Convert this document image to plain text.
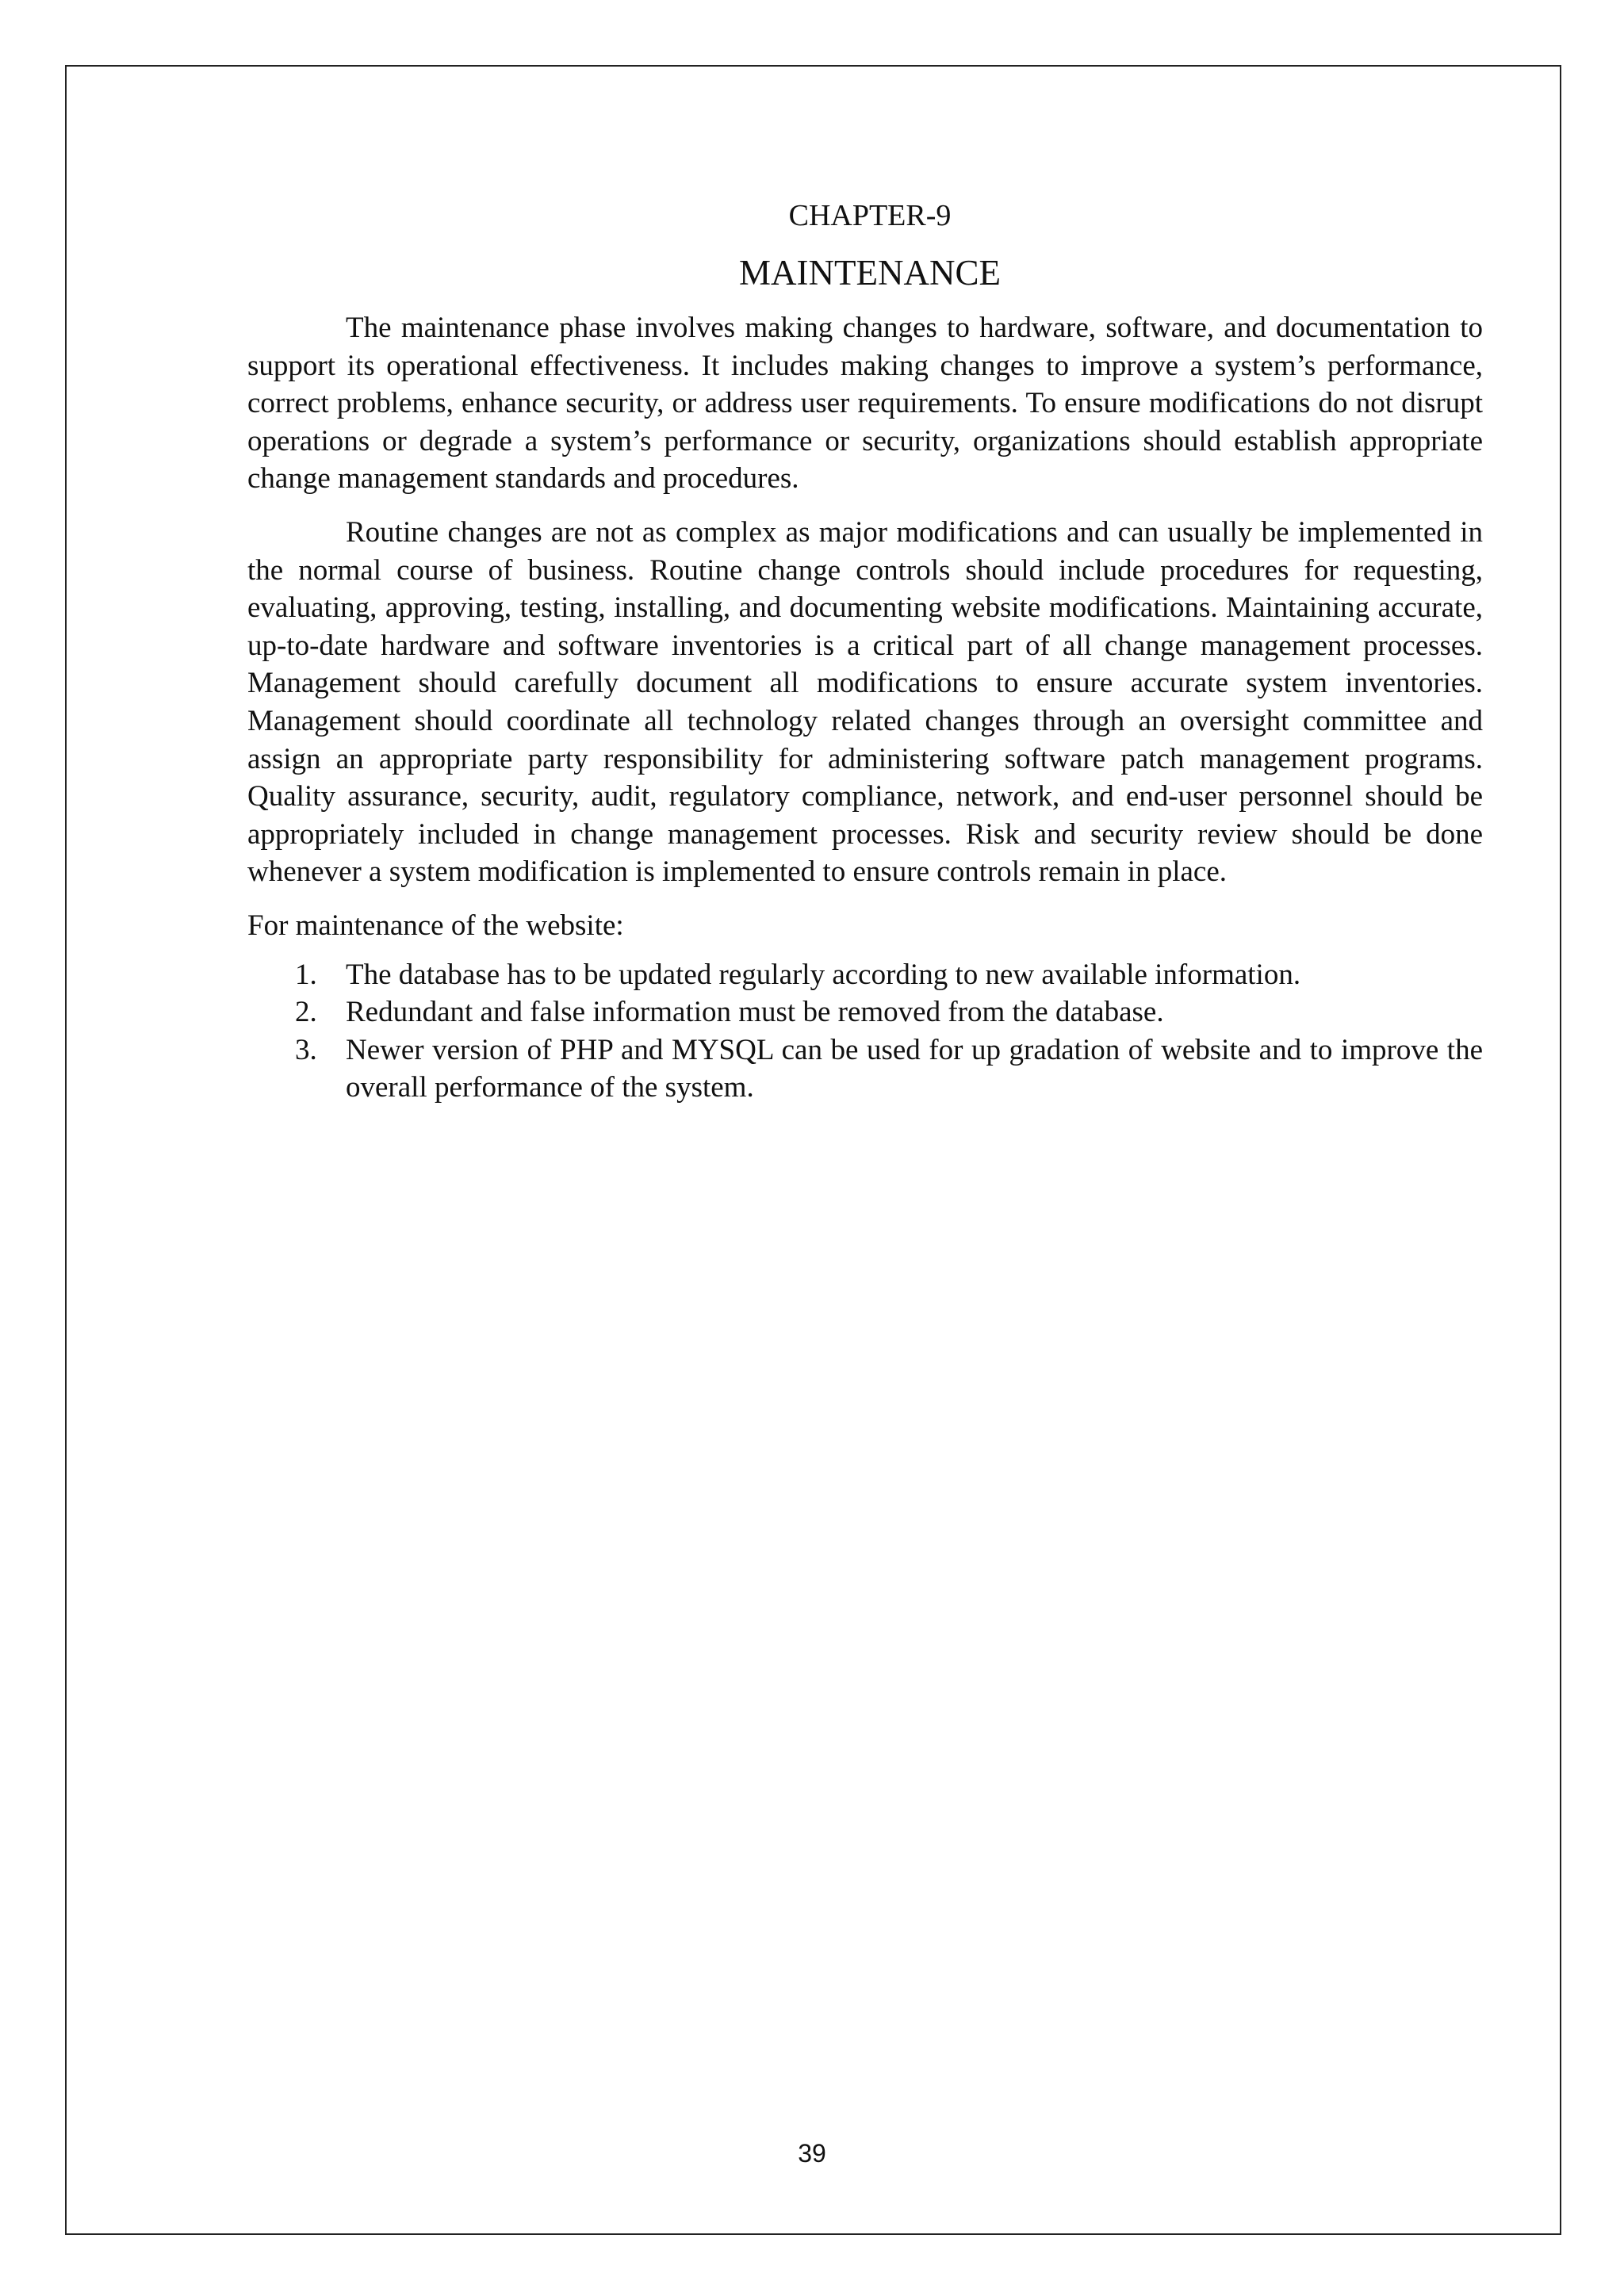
CHAPTER-9
MAINTENANCE

The maintenance phase involves making changes to hardware, software, and documentation to support its operational effectiveness. It includes making changes to improve a system’s performance, correct problems, enhance security, or address user requirements. To ensure modifications do not disrupt operations or degrade a system’s performance or security, organizations should establish appropriate change management standards and procedures.

Routine changes are not as complex as major modifications and can usually be implemented in the normal course of business. Routine change controls should include procedures for requesting, evaluating, approving, testing, installing, and documenting website modifications. Maintaining accurate, up-to-date hardware and software inventories is a critical part of all change management processes. Management should carefully document all modifications to ensure accurate system inventories. Management should coordinate all technology related changes through an oversight committee and assign an appropriate party responsibility for administering software patch management programs. Quality assurance, security, audit, regulatory compliance, network, and end-user personnel should be appropriately included in change management processes. Risk and security review should be done whenever a system modification is implemented to ensure controls remain in place.

For maintenance of the website:
1. The database has to be updated regularly according to new available information.
2. Redundant and false information must be removed from the database.
3. Newer version of PHP and MYSQL can be used for up gradation of website and to improve the overall performance of the system.
39
